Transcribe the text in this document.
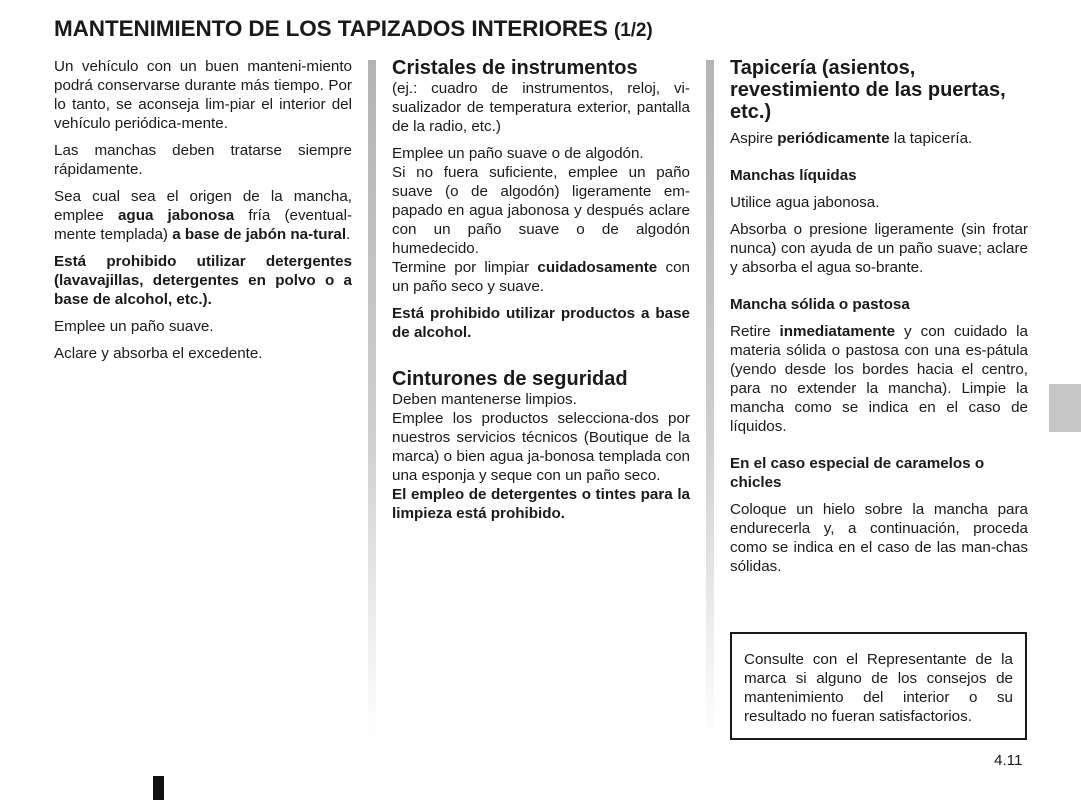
MANTENIMIENTO DE LOS TAPIZADOS INTERIORES (1/2)

Un vehículo con un buen manteni-miento podrá conservarse durante más tiempo. Por lo tanto, se aconseja lim-piar el interior del vehículo periódica-mente.

Las manchas deben tratarse siempre rápidamente.

Sea cual sea el origen de la mancha, emplee agua jabonosa fría (eventual-mente templada) a base de jabón na-tural.

Está prohibido utilizar detergentes (lavavajillas, detergentes en polvo o a base de alcohol, etc.).

Emplee un paño suave.

Aclare y absorba el excedente.

Cristales de instrumentos

(ej.: cuadro de instrumentos, reloj, vi-sualizador de temperatura exterior, pantalla de la radio, etc.)

Emplee un paño suave o de algodón.

Si no fuera suficiente, emplee un paño suave (o de algodón) ligeramente em-papado en agua jabonosa y después aclare con un paño suave o de algodón humedecido.

Termine por limpiar cuidadosamente con un paño seco y suave.

Está prohibido utilizar productos a base de alcohol.

Cinturones de seguridad

Deben mantenerse limpios.

Emplee los productos selecciona-dos por nuestros servicios técnicos (Boutique de la marca) o bien agua ja-bonosa templada con una esponja y seque con un paño seco.

El empleo de detergentes o tintes para la limpieza está prohibido.

Tapicería (asientos, revestimiento de las puertas, etc.)

Aspire periódicamente la tapicería.

Manchas líquidas

Utilice agua jabonosa.

Absorba o presione ligeramente (sin frotar nunca) con ayuda de un paño suave; aclare y absorba el agua so-brante.

Mancha sólida o pastosa

Retire inmediatamente y con cuidado la materia sólida o pastosa con una es-pátula (yendo desde los bordes hacia el centro, para no extender la mancha). Limpie la mancha como se indica en el caso de líquidos.

En el caso especial de caramelos o chicles

Coloque un hielo sobre la mancha para endurecerla y, a continuación, proceda como se indica en el caso de las man-chas sólidas.

Consulte con el Representante de la marca si alguno de los consejos de mantenimiento del interior o su resultado no fueran satisfactorios.
4.11
